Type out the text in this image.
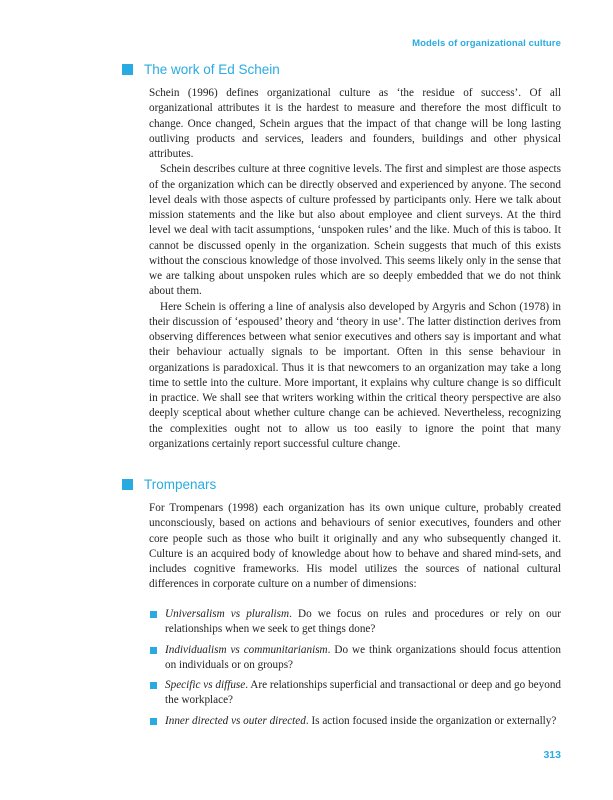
Models of organizational culture
The work of Ed Schein

Schein (1996) defines organizational culture as ‘the residue of success’. Of all organizational attributes it is the hardest to measure and therefore the most difficult to change. Once changed, Schein argues that the impact of that change will be long lasting outliving products and services, leaders and founders, buildings and other physical attributes.

Schein describes culture at three cognitive levels. The first and simplest are those aspects of the organization which can be directly observed and experienced by anyone. The second level deals with those aspects of culture professed by participants only. Here we talk about mission statements and the like but also about employee and client surveys. At the third level we deal with tacit assumptions, ‘unspoken rules’ and the like. Much of this is taboo. It cannot be discussed openly in the organization. Schein suggests that much of this exists without the conscious knowledge of those involved. This seems likely only in the sense that we are talking about unspoken rules which are so deeply embedded that we do not think about them.

Here Schein is offering a line of analysis also developed by Argyris and Schon (1978) in their discussion of ‘espoused’ theory and ‘theory in use’. The latter distinction derives from observing differences between what senior executives and others say is important and what their behaviour actually signals to be important. Often in this sense behaviour in organizations is paradoxical. Thus it is that newcomers to an organization may take a long time to settle into the culture. More important, it explains why culture change is so difficult in practice. We shall see that writers working within the critical theory perspective are also deeply sceptical about whether culture change can be achieved. Nevertheless, recognizing the complexities ought not to allow us too easily to ignore the point that many organizations certainly report successful culture change.

Trompenars

For Trompenars (1998) each organization has its own unique culture, probably created unconsciously, based on actions and behaviours of senior executives, founders and other core people such as those who built it originally and any who subsequently changed it. Culture is an acquired body of knowledge about how to behave and shared mind-sets, and includes cognitive frameworks. His model utilizes the sources of national cultural differences in corporate culture on a number of dimensions:

Universalism vs pluralism. Do we focus on rules and procedures or rely on our relationships when we seek to get things done?
Individualism vs communitarianism. Do we think organizations should focus attention on individuals or on groups?
Specific vs diffuse. Are relationships superficial and transactional or deep and go beyond the workplace?
Inner directed vs outer directed. Is action focused inside the organization or externally?
313
